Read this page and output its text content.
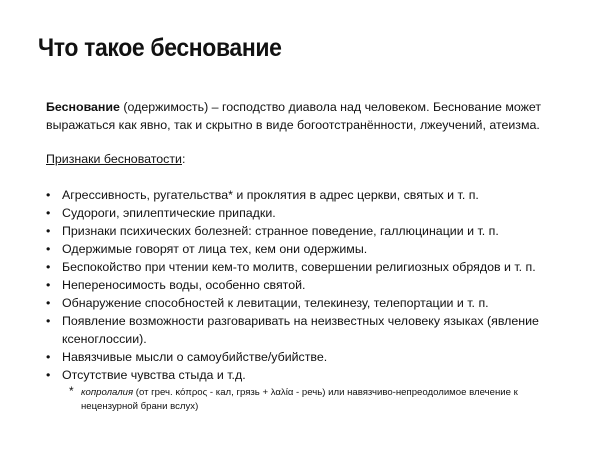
Что такое беснование

Беснование (одержимость) – господство диавола над человеком. Беснование может выражаться как явно, так и скрытно в виде богоотстранённости, лжеучений, атеизма.

Признаки бесноватости:
• Агрессивность, ругательства* и проклятия в адрес церкви, святых и т. п.
• Судороги, эпилептические припадки.
• Признаки психических болезней: странное поведение, галлюцинации и т. п.
• Одержимые говорят от лица тех, кем они одержимы.
• Беспокойство при чтении кем-то молитв, совершении религиозных обрядов и т. п.
• Непереносимость воды, особенно святой.
• Обнаружение способностей к левитации, телекинезу, телепортации и т. п.
• Появление возможности разговаривать на неизвестных человеку языках (явление ксеноглоссии).
• Навязчивые мысли о самоубийстве/убийстве.
• Отсутствие чувства стыда и т.д.
* копролалия (от греч. κόπρος - кал, грязь + λαλία - речь) или навязчиво-непреодолимое влечение к нецензурной брани вслух)
